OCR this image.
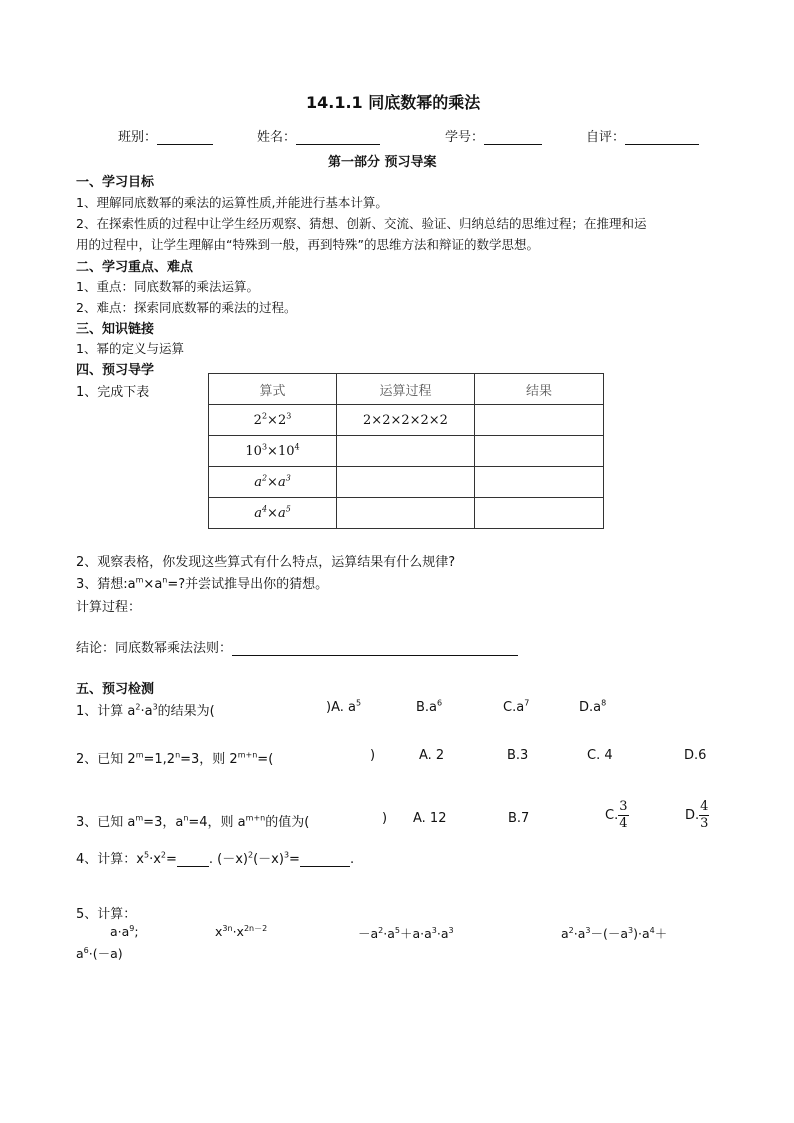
14.1.1 同底数幂的乘法
班别：	姓名：	学号：	自评：
第一部分 预习导案
一、学习目标
1、理解同底数幂的乘法的运算性质,并能进行基本计算。
2、在探索性质的过程中让学生经历观察、猜想、创新、交流、验证、归纳总结的思维过程；在推理和运
用的过程中，让学生理解由“特殊到一般，再到特殊”的思维方法和辩证的数学思想。
二、学习重点、难点
1、重点：同底数幂的乘法运算。
2、难点：探索同底数幂的乘法的过程。
三、知识链接
1、幂的定义与运算
四、预习导学
1、完成下表	算式	运算过程	结果
$2^2\times 2^3$	2×2×2×2×2	
$10^3\times 10^4$		
$a^2\times a^3$		
$a^4\times a^5$		
2、观察表格，你发现这些算式有什么特点，运算结果有什么规律?
3、猜想$:a^m\times a^n=$?并尝试推导出你的猜想。
计算过程：
结论：同底数幂乘法法则：
五、预习检测
1、计算 $a^2\cdot a^3$的结果为(	)A. $a^5$	$B.a^6$	$C.a^7$	$D.a^8$
2、已知 $2^m=1,2^n=3$，则 $2^{m+n}=$(	)	A. 2	B.3	C. 4	D.6
3、已知 $a^m=3$，$a^n=4$，则 $a^{m+n}$的值为(	) A. 12	B.7	C. $\frac{3}{4}$	D. $\frac{4}{3}$
4、计算：$x^5\cdot x^2=$ . $(-x)^2(-x)^3=$	.
5、计算：
$a\cdot a^9$;	$x^{3n}\cdot x^{2n-2}$	$-a^2\cdot a^5+a\cdot a^3\cdot a^3$	$a^2\cdot a^3-(-a^3)\cdot a^4+$
$a^6\cdot(-a)$
